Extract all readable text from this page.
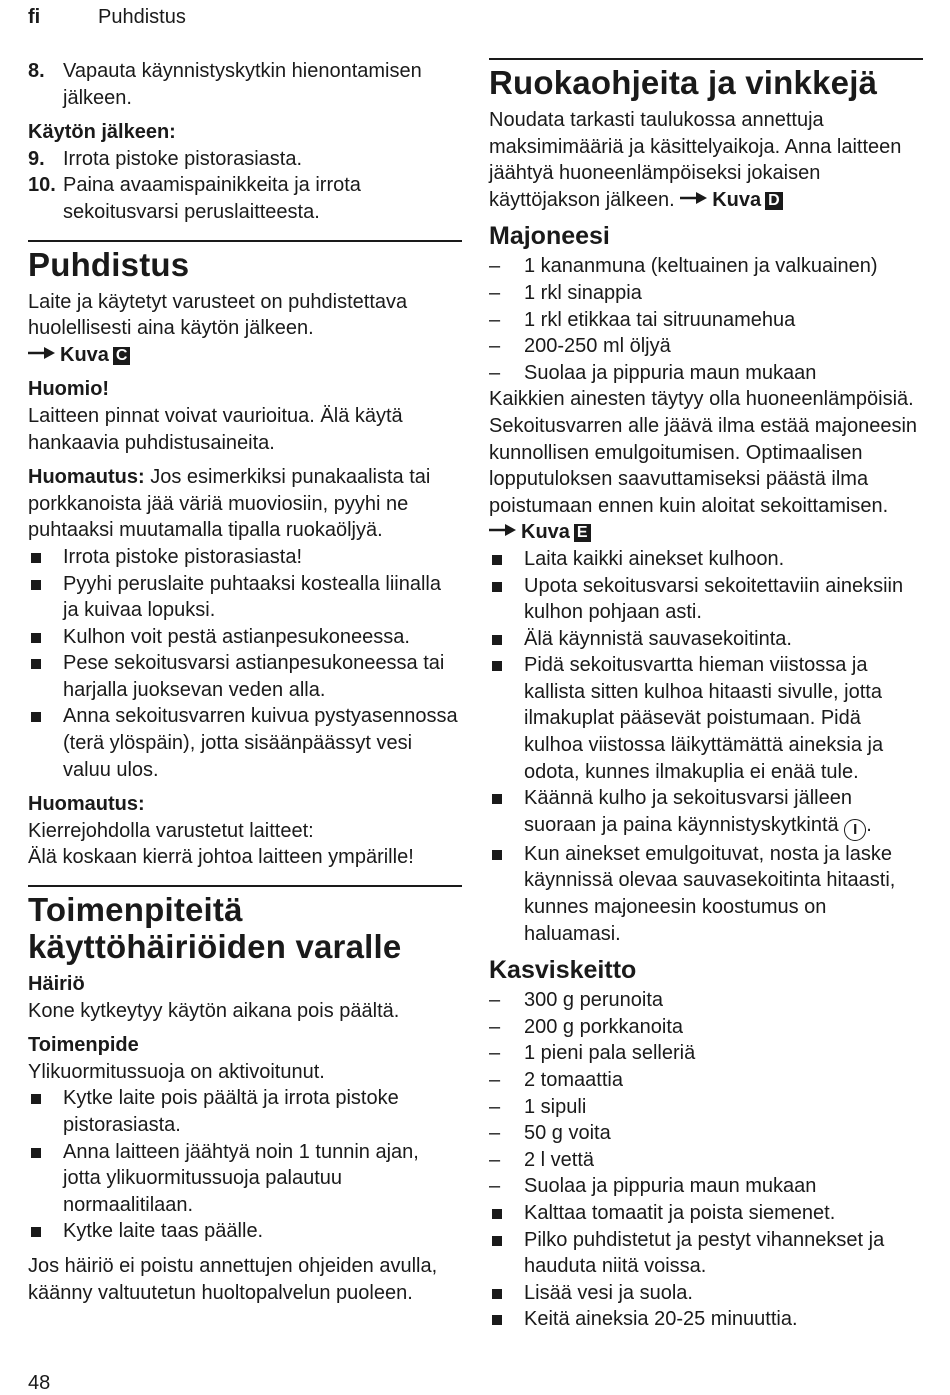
fi	Puhdistus
8. Vapauta käynnistyskytkin hienontamisen jälkeen.
Käytön jälkeen:
9. Irrota pistoke pistorasiasta.
10. Paina avaamispainikkeita ja irrota sekoitusvarsi peruslaitteesta.
Puhdistus
Laite ja käytetyt varusteet on puhdistettava huolellisesti aina käytön jälkeen.
Kuva C
Huomio!
Laitteen pinnat voivat vaurioitua. Älä käytä hankaavia puhdistusaineita.
Huomautus: Jos esimerkiksi punakaalista tai porkkanoista jää väriä muoviosiin, pyyhi ne puhtaaksi muutamalla tipalla ruokaöljyä.
Irrota pistoke pistorasiasta!
Pyyhi peruslaite puhtaaksi kostealla liinalla ja kuivaa lopuksi.
Kulhon voit pestä astianpesukoneessa.
Pese sekoitusvarsi astianpesukoneessa tai harjalla juoksevan veden alla.
Anna sekoitusvarren kuivua pystyasennossa (terä ylöspäin), jotta sisäänpäässyt vesi valuu ulos.
Huomautus:
Kierrejohdolla varustetut laitteet:
Älä koskaan kierrä johtoa laitteen ympärille!
Toimenpiteitä
käyttöhäiriöiden varalle
Häiriö
Kone kytkeytyy käytön aikana pois päältä.
Toimenpide
Ylikuormitussuoja on aktivoitunut.
Kytke laite pois päältä ja irrota pistoke pistorasiasta.
Anna laitteen jäähtyä noin 1 tunnin ajan, jotta ylikuormitussuoja palautuu normaalitilaan.
Kytke laite taas päälle.
Jos häiriö ei poistu annettujen ohjeiden avulla, käänny valtuutetun huoltopalvelun puoleen.
Ruokaohjeita ja vinkkejä
Noudata tarkasti taulukossa annettuja maksimimääriä ja käsittelyaikoja. Anna laitteen jäähtyä huoneenlämpöiseksi jokaisen käyttöjakson jälkeen. Kuva D
Majoneesi
– 1 kananmuna (keltuainen ja valkuainen)
– 1 rkl sinappia
– 1 rkl etikkaa tai sitruunamehua
– 200-250 ml öljyä
– Suolaa ja pippuria maun mukaan
Kaikkien ainesten täytyy olla huoneenlämpöisiä. Sekoitusvarren alle jäävä ilma estää majoneesin kunnollisen emulgoitumisen. Optimaalisen lopputuloksen saavuttamiseksi päästä ilma poistumaan ennen kuin aloitat sekoittamisen. Kuva E
Laita kaikki ainekset kulhoon.
Upota sekoitusvarsi sekoitettaviin aineksiin kulhon pohjaan asti.
Älä käynnistä sauvasekoitinta.
Pidä sekoitusvartta hieman viistossa ja kallista sitten kulhoa hitaasti sivulle, jotta ilmakuplat pääsevät poistumaan. Pidä kulhoa viistossa läikyttämättä aineksia ja odota, kunnes ilmakuplia ei enää tule.
Käännä kulho ja sekoitusvarsi jälleen suoraan ja paina käynnistyskytkintä I .
Kun ainekset emulgoituvat, nosta ja laske käynnissä olevaa sauvasekoitinta hitaasti, kunnes majoneesin koostumus on haluamasi.
Kasviskeitto
– 300 g perunoita
– 200 g porkkanoita
– 1 pieni pala selleriä
– 2 tomaattia
– 1 sipuli
– 50 g voita
– 2 l vettä
– Suolaa ja pippuria maun mukaan
Kalttaa tomaatit ja poista siemenet.
Pilko puhdistetut ja pestyt vihannekset ja hauduta niitä voissa.
Lisää vesi ja suola.
Keitä aineksia 20-25 minuuttia.
48
